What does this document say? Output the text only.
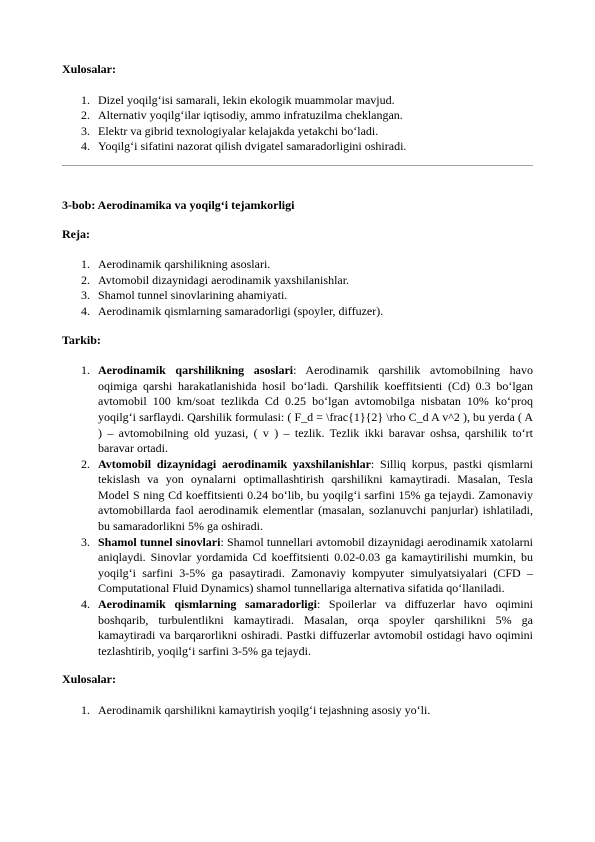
Xulosalar:

1. Dizel yoqilg‘isi samarali, lekin ekologik muammolar mavjud.
2. Alternativ yoqilg‘ilar iqtisodiy, ammo infratuzilma cheklangan.
3. Elektr va gibrid texnologiyalar kelajakda yetakchi bo‘ladi.
4. Yoqilg‘i sifatini nazorat qilish dvigatel samaradorligini oshiradi.

3-bob: Aerodinamika va yoqilg‘i tejamkorligi

Reja:

1. Aerodinamik qarshilikning asoslari.
2. Avtomobil dizaynidagi aerodinamik yaxshilanishlar.
3. Shamol tunnel sinovlarining ahamiyati.
4. Aerodinamik qismlarning samaradorligi (spoyler, diffuzer).

Tarkib:

1. Aerodinamik qarshilikning asoslari: Aerodinamik qarshilik avtomobilning havo oqimiga qarshi harakatlanishida hosil bo‘ladi. Qarshilik koeffitsienti (Cd) 0.3 bo‘lgan avtomobil 100 km/soat tezlikda Cd 0.25 bo‘lgan avtomobilga nisbatan 10% ko‘proq yoqilg‘i sarflaydi. Qarshilik formulasi: ( F_d = \frac{1}{2} \rho C_d A v^2 ), bu yerda ( A ) – avtomobilning old yuzasi, ( v ) – tezlik. Tezlik ikki baravar oshsa, qarshilik to‘rt baravar ortadi.
2. Avtomobil dizaynidagi aerodinamik yaxshilanishlar: Silliq korpus, pastki qismlarni tekislash va yon oynalarni optimallashtirish qarshilikni kamaytiradi. Masalan, Tesla Model S ning Cd koeffitsienti 0.24 bo‘lib, bu yoqilg‘i sarfini 15% ga tejaydi. Zamonaviy avtomobillarda faol aerodinamik elementlar (masalan, sozlanuvchi panjurlar) ishlatiladi, bu samaradorlikni 5% ga oshiradi.
3. Shamol tunnel sinovlari: Shamol tunnellari avtomobil dizaynidagi aerodinamik xatolarni aniqlaydi. Sinovlar yordamida Cd koeffitsienti 0.02-0.03 ga kamaytirilishi mumkin, bu yoqilg‘i sarfini 3-5% ga pasaytiradi. Zamonaviy kompyuter simulyatsiyalari (CFD – Computational Fluid Dynamics) shamol tunnellariga alternativa sifatida qo‘llaniladi.
4. Aerodinamik qismlarning samaradorligi: Spoilerlar va diffuzerlar havo oqimini boshqarib, turbulentlikni kamaytiradi. Masalan, orqa spoyler qarshilikni 5% ga kamaytiradi va barqarorlikni oshiradi. Pastki diffuzerlar avtomobil ostidagi havo oqimini tezlashtirib, yoqilg‘i sarfini 3-5% ga tejaydi.

Xulosalar:

1. Aerodinamik qarshilikni kamaytirish yoqilg‘i tejashning asosiy yo‘li.
